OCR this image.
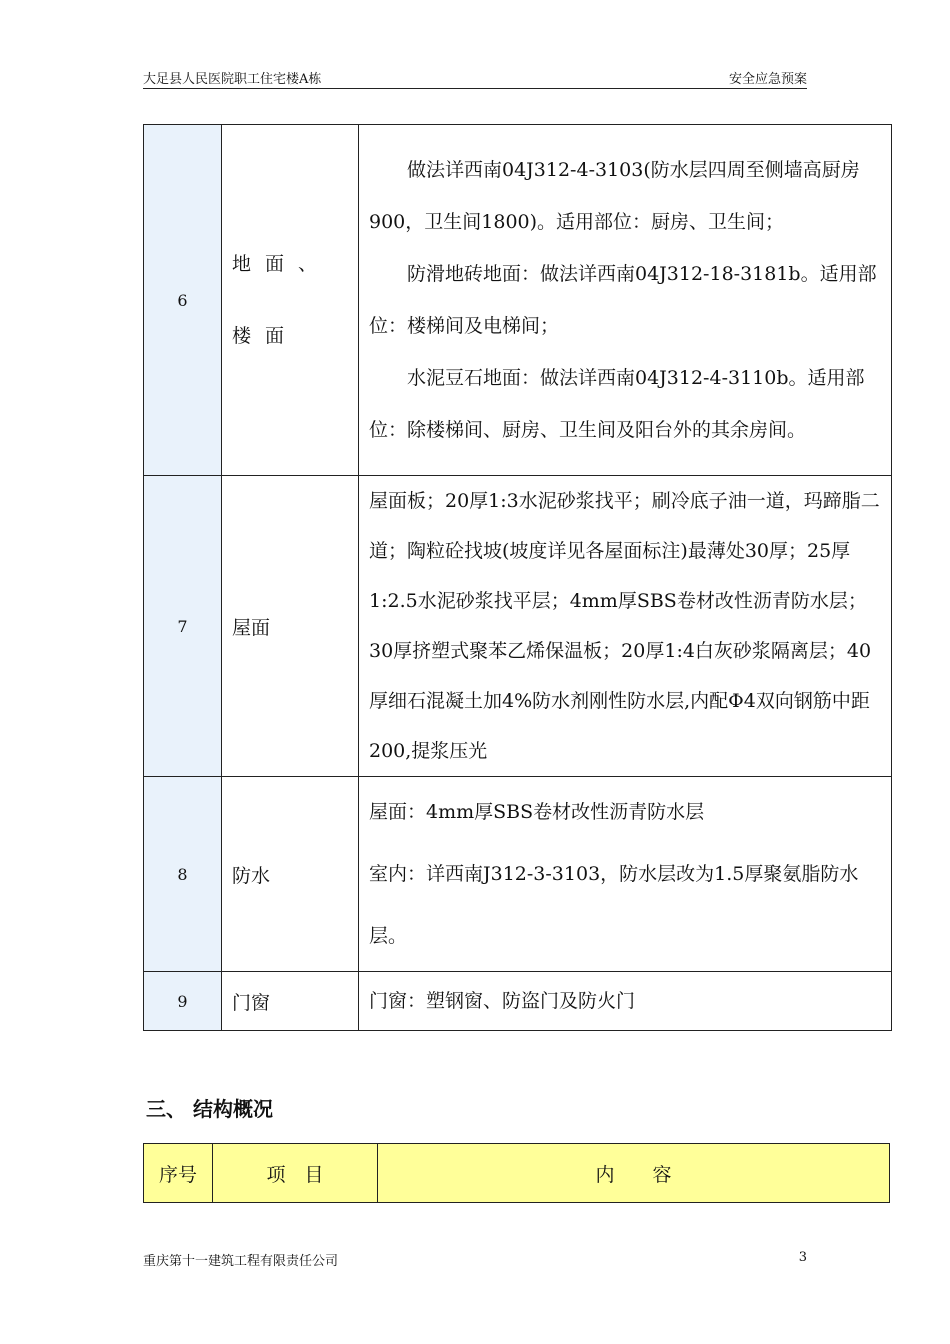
大足县人民医院职工住宅楼A栋	安全应急预案
6	地面、楼面	做法详西南04J312-4-3103(防水层四周至侧墙高厨房900，卫生间1800)。适用部位：厨房、卫生间；

防滑地砖地面：做法详西南04J312-18-3181b。适用部位：楼梯间及电梯间；

水泥豆石地面：做法详西南04J312-4-3110b。适用部位：除楼梯间、厨房、卫生间及阳台外的其余房间。

7	屋面	屋面板；20厚1:3水泥砂浆找平；刷冷底子油一道，玛蹄脂二道；陶粒砼找坡(坡度详见各屋面标注)最薄处30厚；25厚1:2.5水泥砂浆找平层；4mm厚SBS卷材改性沥青防水层；30厚挤塑式聚苯乙烯保温板；20厚1:4白灰砂浆隔离层；40厚细石混凝土加4%防水剂刚性防水层,内配Φ4双向钢筋中距200,提浆压光

8	防水	屋面：4mm厚SBS卷材改性沥青防水层

室内：详西南J312-3-3103，防水层改为1.5厚聚氨脂防水层。

9	门窗	门窗：塑钢窗、防盗门及防火门

三、 结构概况
序号	项　目	内　　容
重庆第十一建筑工程有限责任公司	3
